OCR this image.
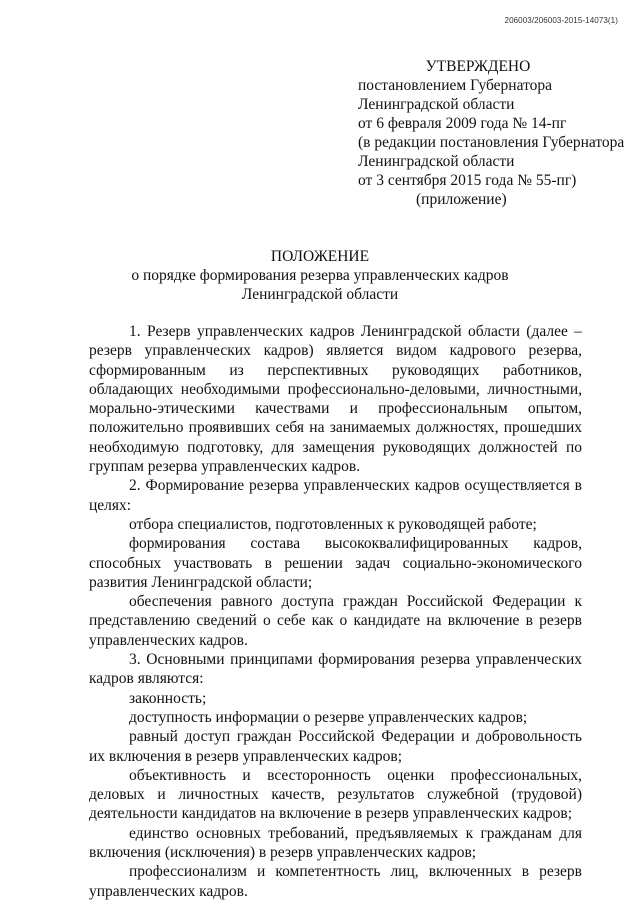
206003/206003-2015-14073(1)
УТВЕРЖДЕНО
постановлением Губернатора
Ленинградской области
от 6 февраля 2009 года № 14-пг
(в редакции постановления Губернатора
Ленинградской области
от 3 сентября 2015 года № 55-пг)
(приложение)
ПОЛОЖЕНИЕ
о порядке формирования резерва управленческих кадров
Ленинградской области

1. Резерв управленческих кадров Ленинградской области (далее – резерв управленческих кадров) является видом кадрового резерва, сформированным из перспективных руководящих работников, обладающих необходимыми профессионально-деловыми, личностными, морально-этическими качествами и профессиональным опытом, положительно проявивших себя на занимаемых должностях, прошедших необходимую подготовку, для замещения руководящих должностей по группам резерва управленческих кадров.

2. Формирование резерва управленческих кадров осуществляется в целях:

отбора специалистов, подготовленных к руководящей работе;

формирования состава высококвалифицированных кадров, способных участвовать в решении задач социально-экономического развития Ленинградской области;

обеспечения равного доступа граждан Российской Федерации к представлению сведений о себе как о кандидате на включение в резерв управленческих кадров.

3. Основными принципами формирования резерва управленческих кадров являются:

законность;

доступность информации о резерве управленческих кадров;

равный доступ граждан Российской Федерации и добровольность их включения в резерв управленческих кадров;

объективность и всесторонность оценки профессиональных, деловых и личностных качеств, результатов служебной (трудовой) деятельности кандидатов на включение в резерв управленческих кадров;

единство основных требований, предъявляемых к гражданам для включения (исключения) в резерв управленческих кадров;

профессионализм и компетентность лиц, включенных в резерв управленческих кадров.
